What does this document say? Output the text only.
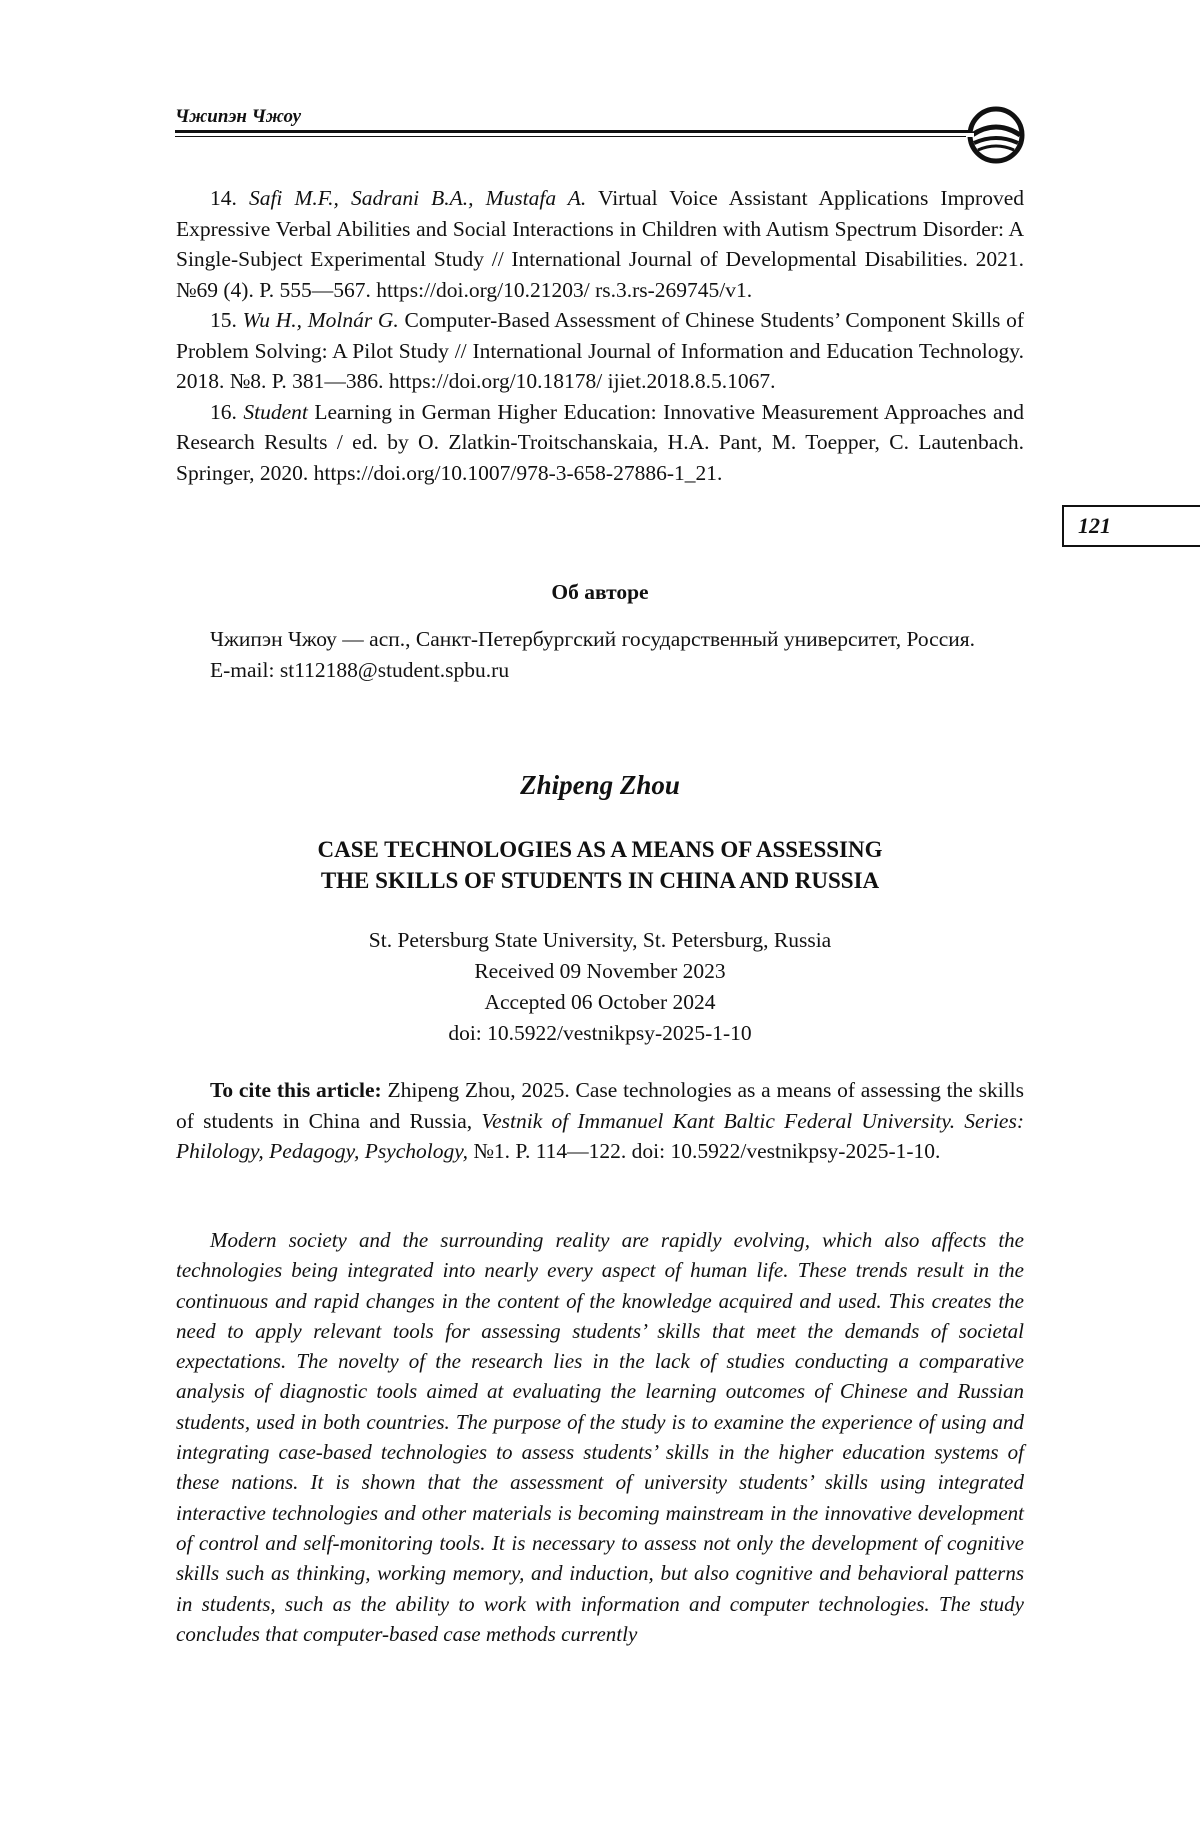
Чжипэн Чжоу
121

14. Safi M.F., Sadrani B.A., Mustafa A. Virtual Voice Assistant Applications Improved Expressive Verbal Abilities and Social Interactions in Children with Autism Spectrum Disorder: A Single-Subject Experimental Study // International Journal of Developmental Disabilities. 2021. №69 (4). P. 555—567. https://doi.org/10.21203/ rs.3.rs-269745/v1.

15. Wu H., Molnár G. Computer-Based Assessment of Chinese Students’ Component Skills of Problem Solving: A Pilot Study // International Journal of Information and Education Technology. 2018. №8. P. 381—386. https://doi.org/10.18178/ ijiet.2018.8.5.1067.

16. Student Learning in German Higher Education: Innovative Measurement Approaches and Research Results / ed. by O. Zlatkin-Troitschanskaia, H.A. Pant, M. Toepper, C. Lautenbach. Springer, 2020. https://doi.org/10.1007/978-3-658-27886-1_21.

Об авторе

Чжипэн Чжоу — асп., Санкт-Петербургский государственный университет, Россия.

E-mail: st112188@student.spbu.ru

Zhipeng Zhou
CASE TECHNOLOGIES AS A MEANS OF ASSESSING
THE SKILLS OF STUDENTS IN CHINA AND RUSSIA
St. Petersburg State University, St. Petersburg, Russia
Received 09 November 2023
Accepted 06 October 2024
doi: 10.5922/vestnikpsy-2025-1-10

To cite this article: Zhipeng Zhou, 2025. Case technologies as a means of assessing the skills of students in China and Russia, Vestnik of Immanuel Kant Baltic Federal University. Series: Philology, Pedagogy, Psychology, №1. P. 114—122. doi: 10.5922/vestnikpsy-2025-1-10.

Modern society and the surrounding reality are rapidly evolving, which also affects the technologies being integrated into nearly every aspect of human life. These trends result in the continuous and rapid changes in the content of the knowledge acquired and used. This creates the need to apply relevant tools for assessing students’ skills that meet the demands of societal expectations. The novelty of the research lies in the lack of studies conducting a comparative analysis of diagnostic tools aimed at evaluating the learning outcomes of Chinese and Russian students, used in both countries. The purpose of the study is to examine the experience of using and integrating case-based technologies to assess students’ skills in the higher education systems of these nations. It is shown that the assessment of university students’ skills using integrated interactive technologies and other materials is becoming mainstream in the innovative development of control and self-monitoring tools. It is necessary to assess not only the development of cognitive skills such as thinking, working memory, and induction, but also cognitive and behavioral patterns in students, such as the ability to work with information and computer technologies. The study concludes that computer-based case methods currently
